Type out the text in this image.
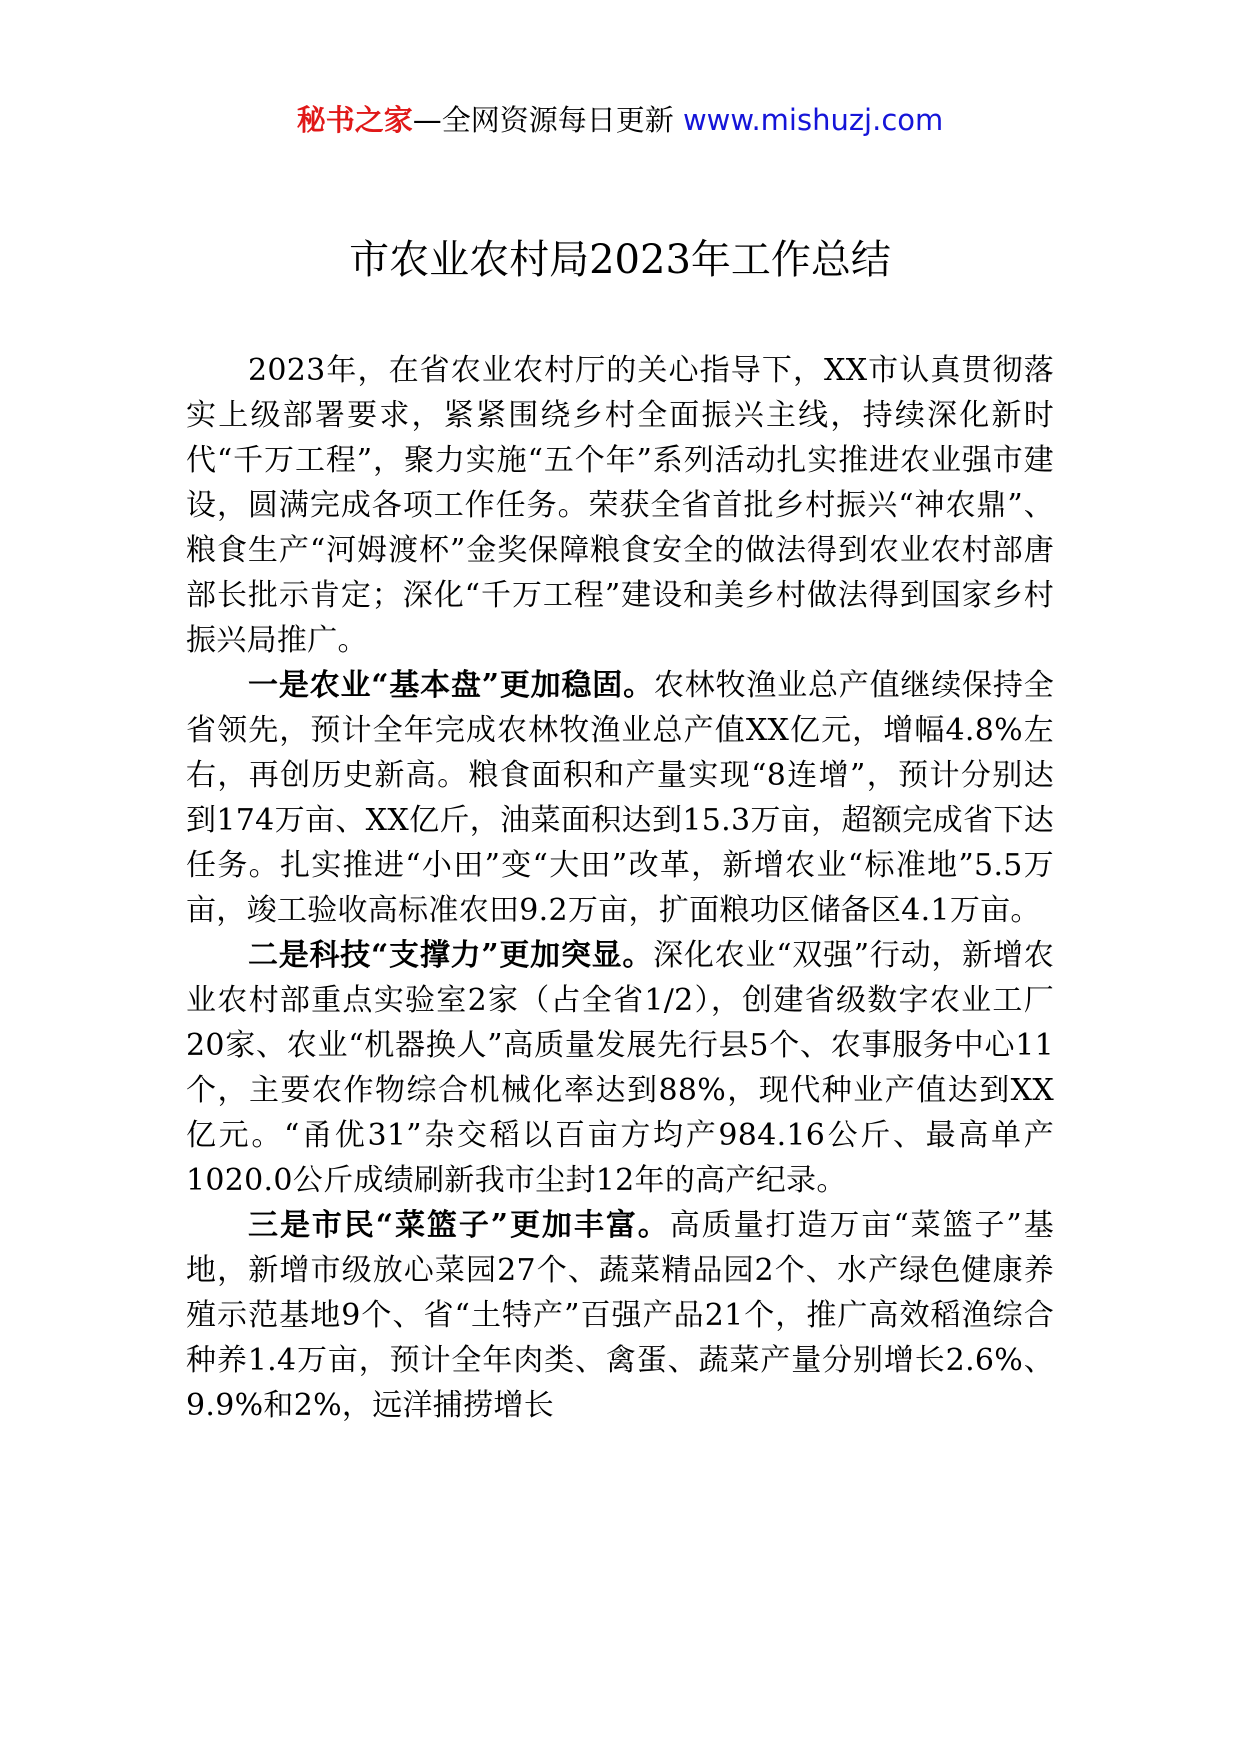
秘书之家—全网资源每日更新 www.mishuzj.com
市农业农村局2023年工作总结

2023年，在省农业农村厅的关心指导下，XX市认真贯彻落实上级部署要求，紧紧围绕乡村全面振兴主线，持续深化新时代“千万工程”，聚力实施“五个年”系列活动扎实推进农业强市建设，圆满完成各项工作任务。荣获全省首批乡村振兴“神农鼎”、粮食生产“河姆渡杯”金奖保障粮食安全的做法得到农业农村部唐部长批示肯定；深化“千万工程”建设和美乡村做法得到国家乡村振兴局推广。

一是农业“基本盘”更加稳固。农林牧渔业总产值继续保持全省领先，预计全年完成农林牧渔业总产值XX亿元，增幅4.8%左右，再创历史新高。粮食面积和产量实现“8连增”，预计分别达到174万亩、XX亿斤，油菜面积达到15.3万亩，超额完成省下达任务。扎实推进“小田”变“大田”改革，新增农业“标准地”5.5万亩，竣工验收高标准农田9.2万亩，扩面粮功区储备区4.1万亩。

二是科技“支撑力”更加突显。深化农业“双强”行动，新增农业农村部重点实验室2家（占全省1/2），创建省级数字农业工厂20家、农业“机器换人”高质量发展先行县5个、农事服务中心11个，主要农作物综合机械化率达到88%，现代种业产值达到XX亿元。“甬优31”杂交稻以百亩方均产984.16公斤、最高单产1020.0公斤成绩刷新我市尘封12年的高产纪录。

三是市民“菜篮子”更加丰富。高质量打造万亩“菜篮子”基地，新增市级放心菜园27个、蔬菜精品园2个、水产绿色健康养殖示范基地9个、省“土特产”百强产品21个，推广高效稻渔综合种养1.4万亩，预计全年肉类、禽蛋、蔬菜产量分别增长2.6%、9.9%和2%，远洋捕捞增长
